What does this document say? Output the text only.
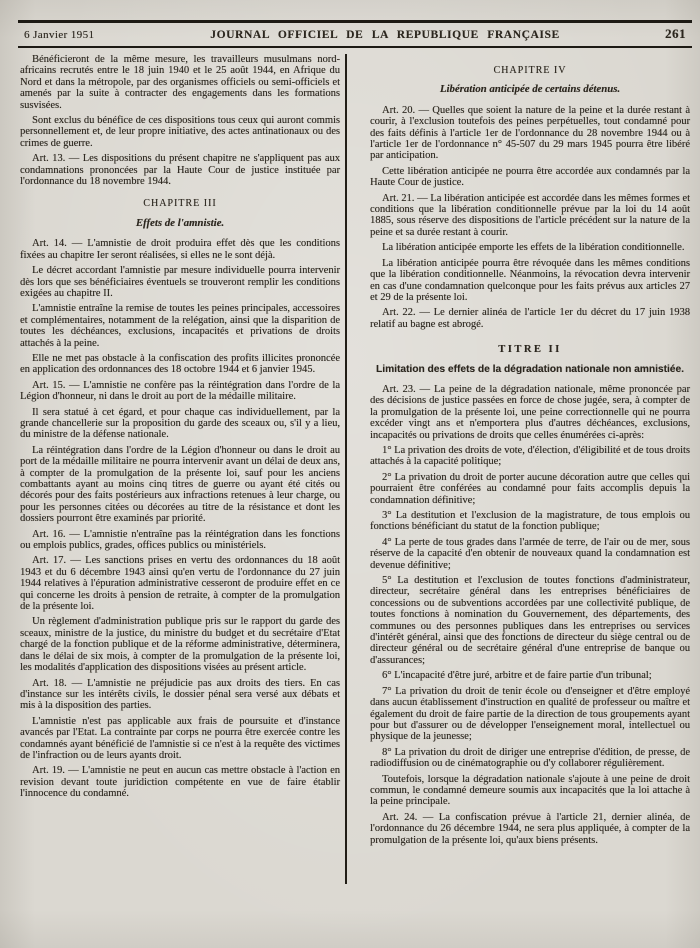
6 Janvier 1951	JOURNAL OFFICIEL DE LA REPUBLIQUE FRANÇAISE	261

Bénéficieront de la même mesure, les travailleurs musulmans nord-africains recrutés entre le 18 juin 1940 et le 25 août 1944, en Afrique du Nord et dans la métropole, par des organismes officiels ou semi-officiels et amenés par la suite à contracter des engagements dans les formations susvisées.

Sont exclus du bénéfice de ces dispositions tous ceux qui auront commis personnellement et, de leur propre initiative, des actes antinationaux ou des crimes de guerre.

Art. 13. — Les dispositions du présent chapitre ne s'appliquent pas aux condamnations prononcées par la Haute Cour de justice instituée par l'ordonnance du 18 novembre 1944.

CHAPITRE III

Effets de l'amnistie.

Art. 14. — L'amnistie de droit produira effet dès que les conditions fixées au chapitre Ier seront réalisées, si elles ne le sont déjà.

Le décret accordant l'amnistie par mesure individuelle pourra intervenir dès lors que ses bénéficiaires éventuels se trouveront remplir les conditions exigées au chapitre II.

L'amnistie entraîne la remise de toutes les peines principales, accessoires et complémentaires, notamment de la relégation, ainsi que la disparition de toutes les déchéances, exclusions, incapacités et privations de droits attachés à la peine.

Elle ne met pas obstacle à la confiscation des profits illicites prononcée en application des ordonnances des 18 octobre 1944 et 6 janvier 1945.

Art. 15. — L'amnistie ne confère pas la réintégration dans l'ordre de la Légion d'honneur, ni dans le droit au port de la médaille militaire.

Il sera statué à cet égard, et pour chaque cas individuellement, par la grande chancellerie sur la proposition du garde des sceaux ou, s'il y a lieu, du ministre de la défense nationale.

La réintégration dans l'ordre de la Légion d'honneur ou dans le droit au port de la médaille militaire ne pourra intervenir avant un délai de deux ans, à compter de la promulgation de la présente loi, sauf pour les anciens combattants ayant au moins cinq titres de guerre ou ayant été cités ou décorés pour des faits postérieurs aux infractions retenues à leur charge, ou pour les personnes citées ou décorées au titre de la résistance et dont les dossiers pourront être examinés par priorité.

Art. 16. — L'amnistie n'entraîne pas la réintégration dans les fonctions ou emplois publics, grades, offices publics ou ministériels.

Art. 17. — Les sanctions prises en vertu des ordonnances du 18 août 1943 et du 6 décembre 1943 ainsi qu'en vertu de l'ordonnance du 27 juin 1944 relatives à l'épuration administrative cesseront de produire effet en ce qui concerne les droits à pension de retraite, à compter de la promulgation de la présente loi.

Un règlement d'administration publique pris sur le rapport du garde des sceaux, ministre de la justice, du ministre du budget et du secrétaire d'Etat chargé de la fonction publique et de la réforme administrative, déterminera, dans le délai de six mois, à compter de la promulgation de la présente loi, les modalités d'application des dispositions visées au présent article.

Art. 18. — L'amnistie ne préjudicie pas aux droits des tiers. En cas d'instance sur les intérêts civils, le dossier pénal sera versé aux débats et mis à la disposition des parties.

L'amnistie n'est pas applicable aux frais de poursuite et d'instance avancés par l'Etat. La contrainte par corps ne pourra être exercée contre les condamnés ayant bénéficié de l'amnistie si ce n'est à la requête des victimes de l'infraction ou de leurs ayants droit.

Art. 19. — L'amnistie ne peut en aucun cas mettre obstacle à l'action en revision devant toute juridiction compétente en vue de faire établir l'innocence du condamné.

CHAPITRE IV

Libération anticipée de certains détenus.

Art. 20. — Quelles que soient la nature de la peine et la durée restant à courir, à l'exclusion toutefois des peines perpétuelles, tout condamné pour des faits définis à l'article 1er de l'ordonnance du 28 novembre 1944 ou à l'article 1er de l'ordonnance n° 45-507 du 29 mars 1945 pourra être libéré par anticipation.

Cette libération anticipée ne pourra être accordée aux condamnés par la Haute Cour de justice.

Art. 21. — La libération anticipée est accordée dans les mêmes formes et conditions que la libération conditionnelle prévue par la loi du 14 août 1885, sous réserve des dispositions de l'article précédent sur la nature de la peine et sa durée restant à courir.

La libération anticipée emporte les effets de la libération conditionnelle.

La libération anticipée pourra être révoquée dans les mêmes conditions que la libération conditionnelle. Néanmoins, la révocation devra intervenir en cas d'une condamnation quelconque pour les faits prévus aux articles 27 et 29 de la présente loi.

Art. 22. — Le dernier alinéa de l'article 1er du décret du 17 juin 1938 relatif au bagne est abrogé.

TITRE II

Limitation des effets de la dégradation nationale non amnistiée.

Art. 23. — La peine de la dégradation nationale, même prononcée par des décisions de justice passées en force de chose jugée, sera, à compter de la promulgation de la présente loi, une peine correctionnelle qui ne pourra excéder vingt ans et n'emportera plus d'autres déchéances, exclusions, incapacités ou privations de droits que celles énumérées ci-après:

1° La privation des droits de vote, d'élection, d'éligibilité et de tous droits attachés à la capacité politique;

2° La privation du droit de porter aucune décoration autre que celles qui pourraient être conférées au condamné pour faits accomplis depuis la condamnation définitive;

3° La destitution et l'exclusion de la magistrature, de tous emplois ou fonctions bénéficiant du statut de la fonction publique;

4° La perte de tous grades dans l'armée de terre, de l'air ou de mer, sous réserve de la capacité d'en obtenir de nouveaux quand la condamnation est devenue définitive;

5° La destitution et l'exclusion de toutes fonctions d'administrateur, directeur, secrétaire général dans les entreprises bénéficiaires de concessions ou de subventions accordées par une collectivité publique, de toutes fonctions à nomination du Gouvernement, des départements, des communes ou des personnes publiques dans les entreprises ou services d'intérêt général, ainsi que des fonctions de directeur du siège central ou de directeur général ou de secrétaire général d'une entreprise de banque ou d'assurances;

6° L'incapacité d'être juré, arbitre et de faire partie d'un tribunal;

7° La privation du droit de tenir école ou d'enseigner et d'être employé dans aucun établissement d'instruction en qualité de professeur ou maître et également du droit de faire partie de la direction de tous groupements ayant pour but d'assurer ou de développer l'enseignement moral, intellectuel ou physique de la jeunesse;

8° La privation du droit de diriger une entreprise d'édition, de presse, de radiodiffusion ou de cinématographie ou d'y collaborer régulièrement.

Toutefois, lorsque la dégradation nationale s'ajoute à une peine de droit commun, le condamné demeure soumis aux incapacités que la loi attache à la peine principale.

Art. 24. — La confiscation prévue à l'article 21, dernier alinéa, de l'ordonnance du 26 décembre 1944, ne sera plus appliquée, à compter de la promulgation de la présente loi, qu'aux biens présents.
